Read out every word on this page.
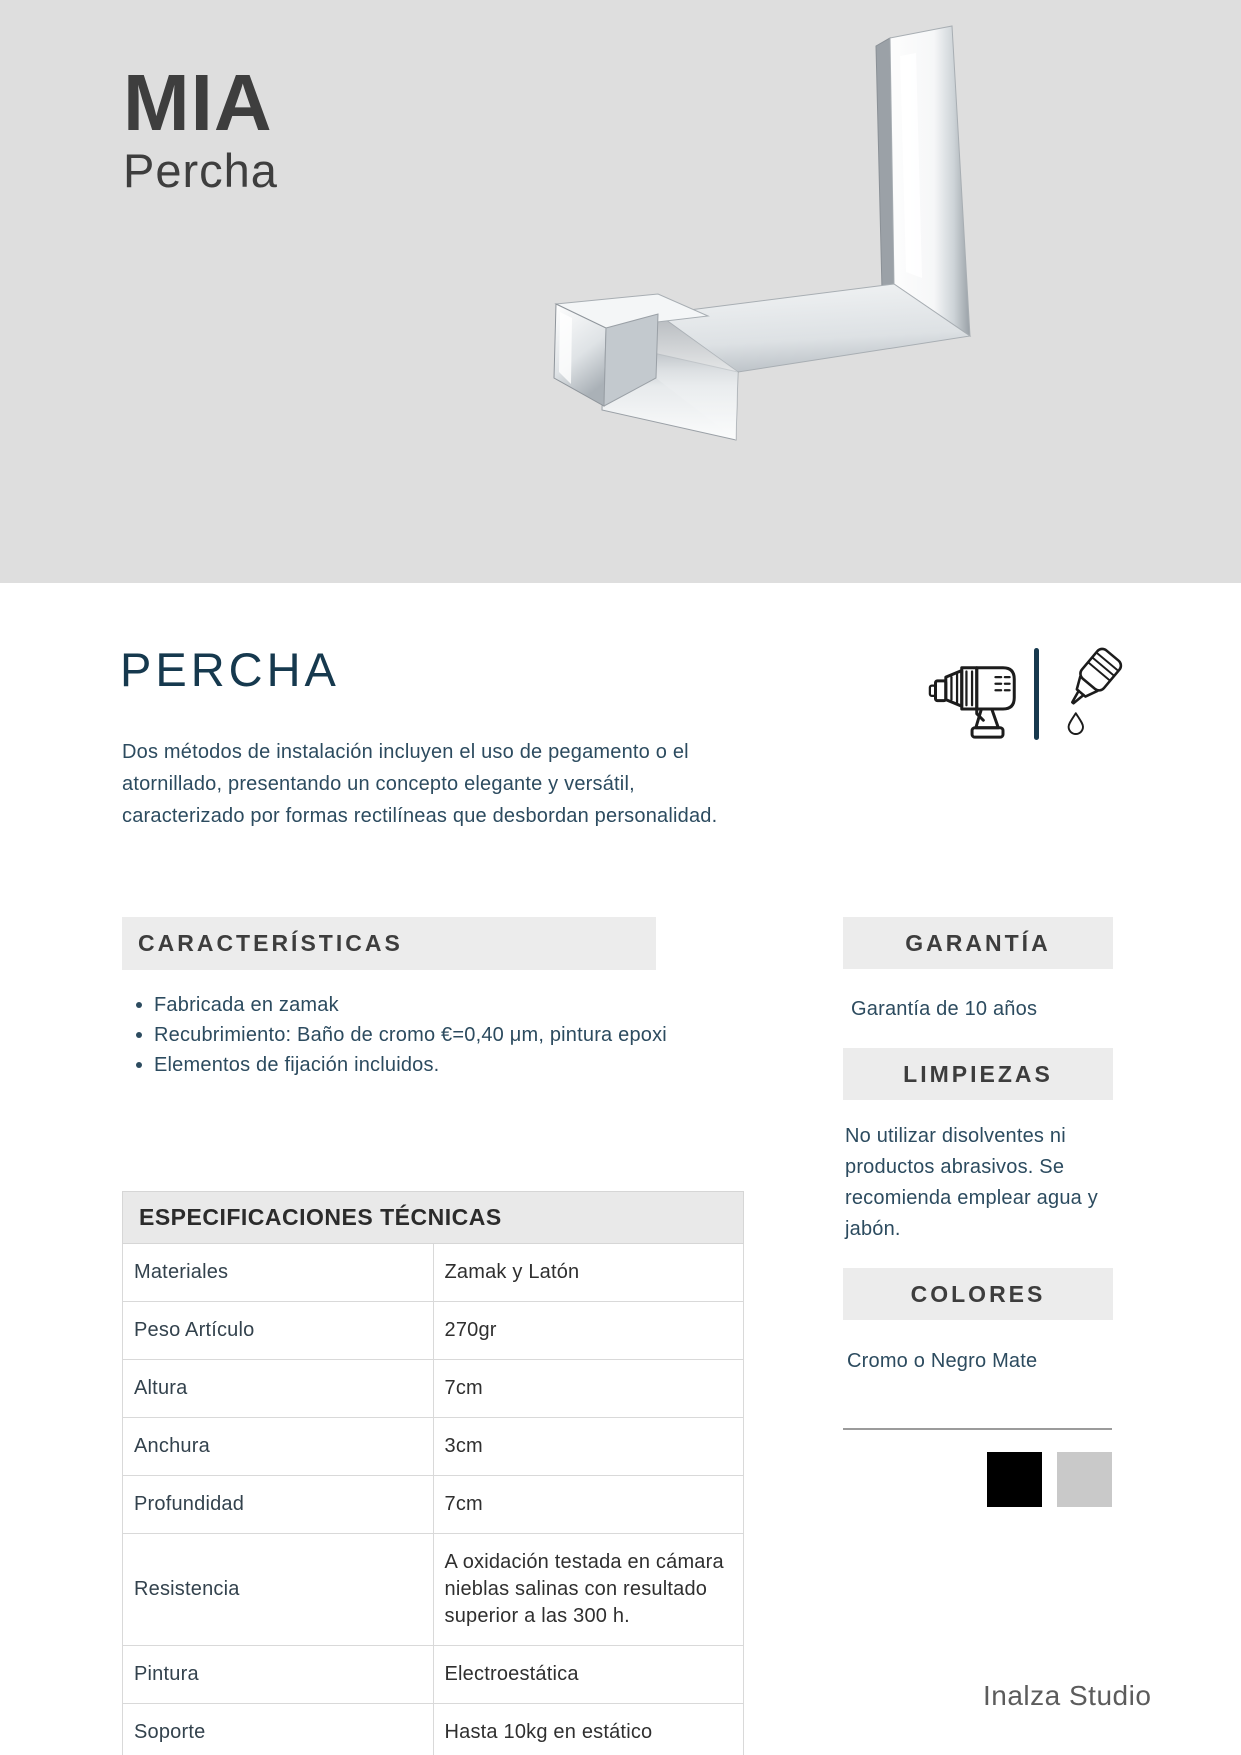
MIA
Percha
PERCHA
Dos métodos de instalación incluyen el uso de pegamento o el atornillado, presentando un concepto elegante y versátil, caracterizado por formas rectilíneas que desbordan personalidad.
CARACTERÍSTICAS
Fabricada en zamak
Recubrimiento: Baño de cromo €=0,40 μm, pintura epoxi
Elementos de fijación incluidos.
GARANTÍA
Garantía de 10 años
LIMPIEZAS
No utilizar disolventes ni productos abrasivos. Se recomienda emplear agua y jabón.
ESPECIFICACIONES TÉCNICAS	
Materiales	Zamak y Latón
Peso Artículo	270gr
Altura	7cm
Anchura	3cm
Profundidad	7cm
Resistencia	A oxidación testada en cámara nieblas salinas con resultado superior a las 300 h.
Pintura	Electroestática
Soporte	Hasta 10kg en estático
COLORES
Cromo o Negro Mate
Inalza Studio
